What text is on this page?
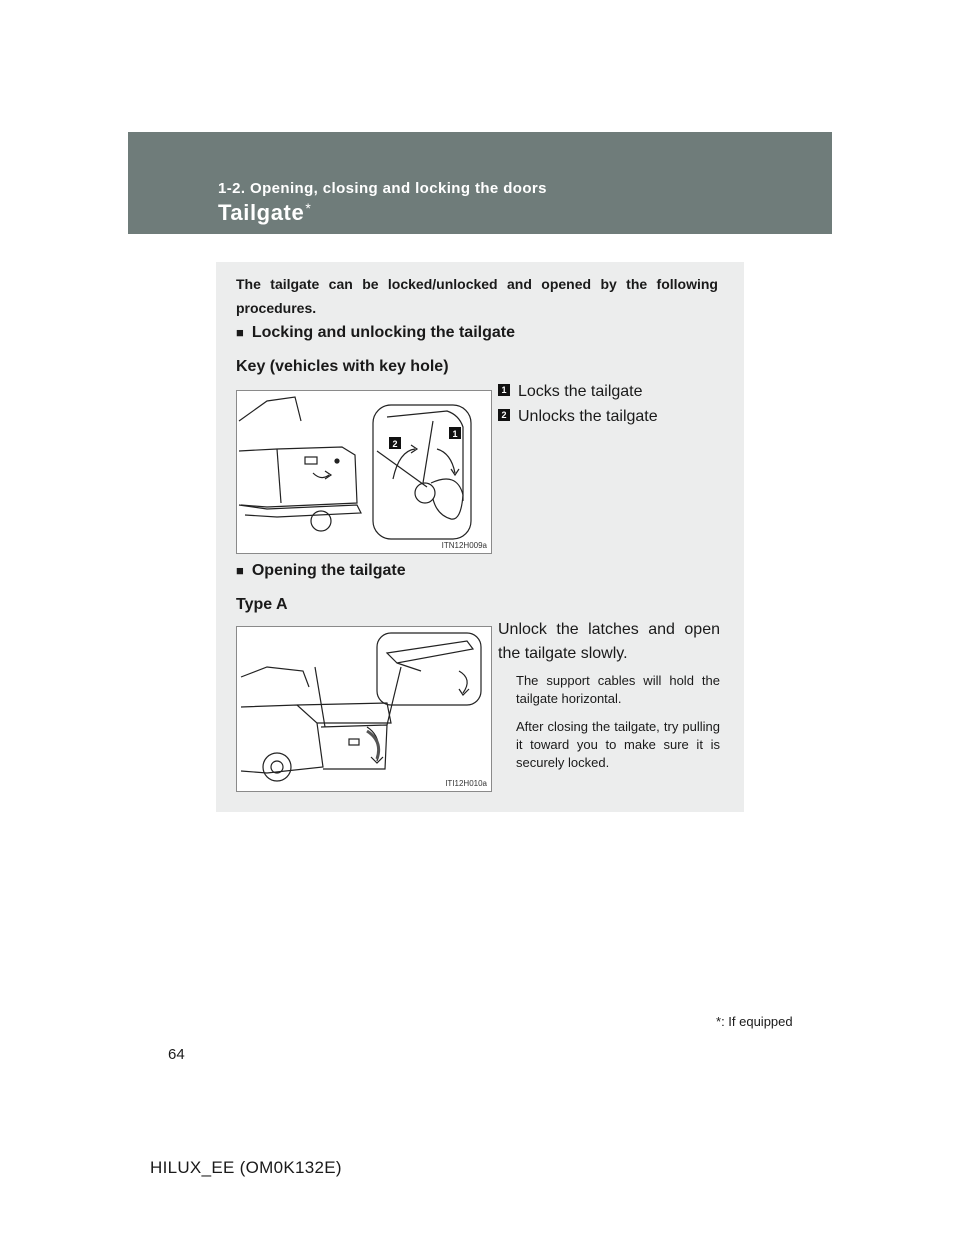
1-2. Opening, closing and locking the doors
Tailgate*
The tailgate can be locked/unlocked and opened by the following procedures.
■ Locking and unlocking the tailgate
Key (vehicles with key hole)
2
1
ITN12H009a
1 Locks the tailgate
2 Unlocks the tailgate
■ Opening the tailgate
Type A
ITI12H010a
Unlock the latches and open the tailgate slowly.
The support cables will hold the tailgate horizontal.
After closing the tailgate, try pulling it toward you to make sure it is securely locked.
*: If equipped
64
HILUX_EE (OM0K132E)
